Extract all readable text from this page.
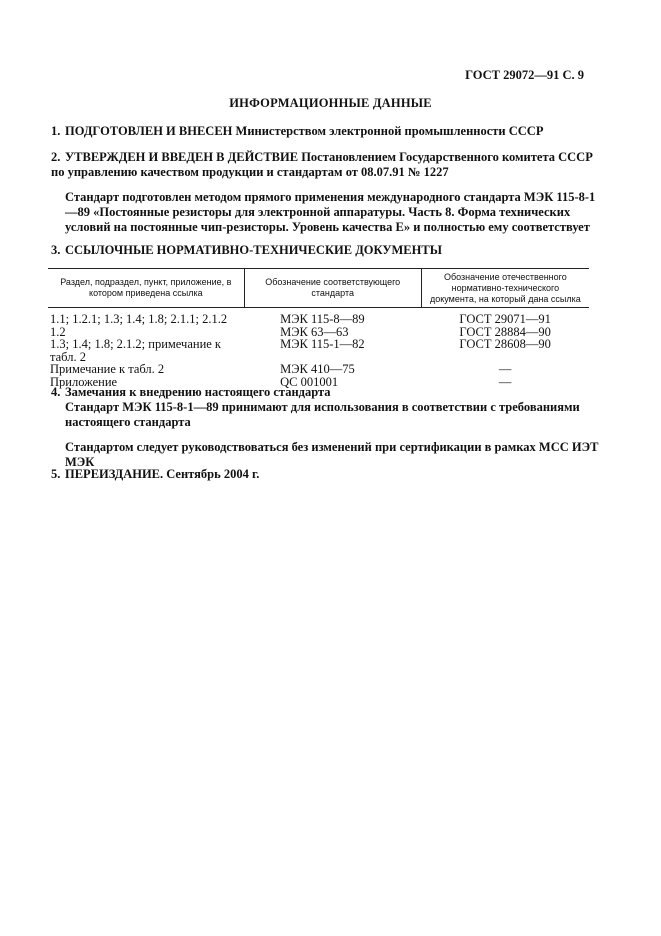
ГОСТ 29072—91 С. 9
ИНФОРМАЦИОННЫЕ ДАННЫЕ
1. ПОДГОТОВЛЕН И ВНЕСЕН Министерством электронной промышленности СССР
2. УТВЕРЖДЕН И ВВЕДЕН В ДЕЙСТВИЕ Постановлением Государственного комитета СССР по управлению качеством продукции и стандартам от 08.07.91 № 1227
Стандарт подготовлен методом прямого применения международного стандарта МЭК 115-8-1—89 «Постоянные резисторы для электронной аппаратуры. Часть 8. Форма технических условий на постоянные чип-резисторы. Уровень качества Е» и полностью ему соответствует
3. ССЫЛОЧНЫЕ НОРМАТИВНО-ТЕХНИЧЕСКИЕ ДОКУМЕНТЫ
Раздел, подраздел, пункт, приложение, в котором приведена ссылка	Обозначение соответствующего стандарта	Обозначение отечественного нормативно-технического документа, на который дана ссылка
1.1; 1.2.1; 1.3; 1.4; 1.8; 2.1.1; 2.1.2	МЭК 115-8—89	ГОСТ 29071—91
1.2	МЭК 63—63	ГОСТ 28884—90
1.3; 1.4; 1.8; 2.1.2; примечание к табл. 2	МЭК 115-1—82	ГОСТ 28608—90
Примечание к табл. 2	МЭК 410—75	—
Приложение	QC 001001	—
4. Замечания к внедрению настоящего стандарта
Стандарт МЭК 115-8-1—89 принимают для использования в соответствии с требованиями настоящего стандарта
Стандартом следует руководствоваться без изменений при сертификации в рамках МСС ИЭТ МЭК
5. ПЕРЕИЗДАНИЕ. Сентябрь 2004 г.
